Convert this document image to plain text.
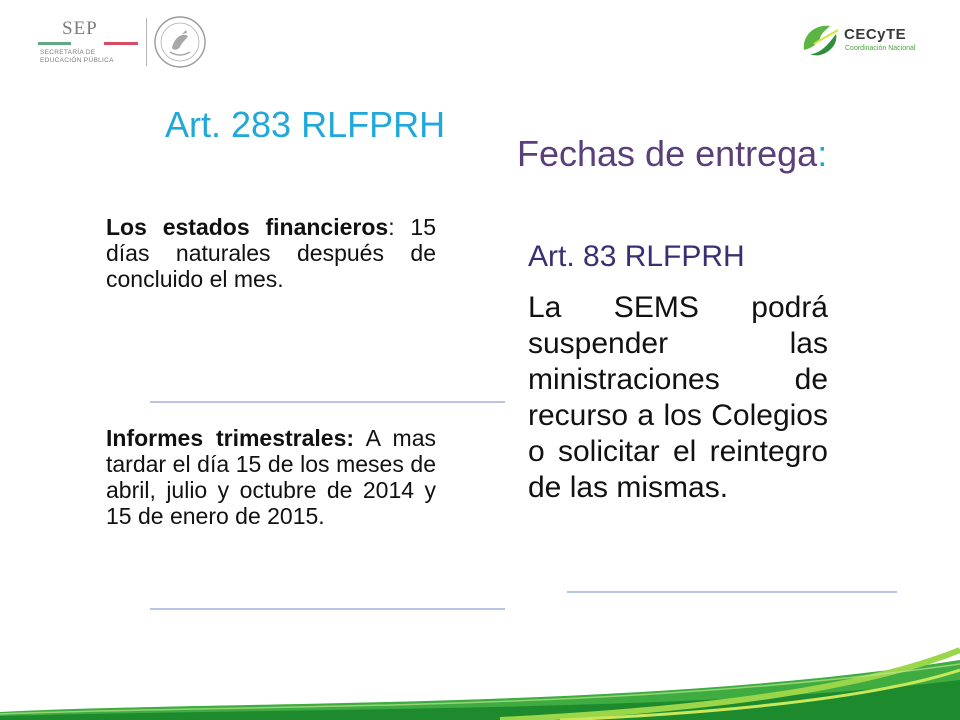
SEP
SECRETARÍA DE
EDUCACIÓN PÚBLICA
CECyTE
Coordinación Nacional
Art. 283 RLFPRH
Fechas de entrega:
Los estados financieros: 15 días naturales después de concluido el mes.
Informes trimestrales: A mas tardar el día 15 de los meses de abril, julio y octubre de 2014 y 15 de enero de 2015.
Art. 83 RLFPRH
La SEMS podrá suspender las ministraciones de recurso a los Colegios o solicitar el reintegro de las mismas.
